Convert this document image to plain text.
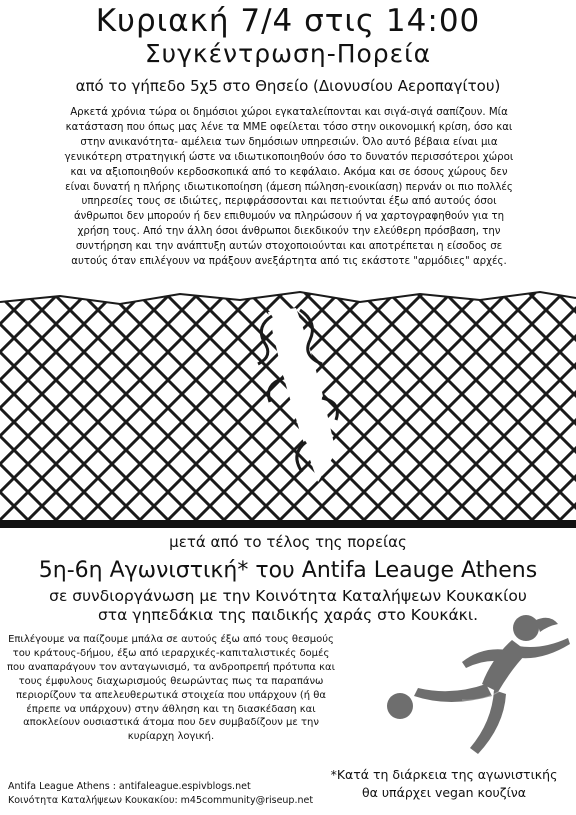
Κυριακή 7/4 στις 14:00
Συγκέντρωση-Πορεία
από το γήπεδο 5χ5 στο Θησείο (Διονυσίου Αεροπαγίτου)
Αρκετά χρόνια τώρα οι δημόσιοι χώροι εγκαταλείπονται και σιγά-σιγά σαπίζουν. Μία κατάσταση που όπως μας λένε τα ΜΜΕ οφείλεται τόσο στην οικονομική κρίση, όσο και στην ανικανότητα- αμέλεια των δημόσιων υπηρεσιών. Όλο αυτό βέβαια είναι μια γενικότερη στρατηγική ώστε να ιδιωτικοποιηθούν όσο το δυνατόν περισσότεροι χώροι και να αξιοποιηθούν κερδοσκοπικά από το κεφάλαιο. Ακόμα και σε όσους χώρους δεν είναι δυνατή η πλήρης ιδιωτικοποίηση (άμεση πώληση-ενοικίαση) περνάν οι πιο πολλές υπηρεσίες τους σε ιδιώτες, περιφράσσονται και πετιούνται έξω από αυτούς όσοι άνθρωποι δεν μπορούν ή δεν επιθυμούν να πληρώσουν ή να χαρτογραφηθούν για τη χρήση τους. Από την άλλη όσοι άνθρωποι διεκδικούν την ελεύθερη πρόσβαση, την συντήρηση και την ανάπτυξη αυτών στοχοποιούνται και αποτρέπεται η είσοδος σε αυτούς όταν επιλέγουν να πράξουν ανεξάρτητα από τις εκάστοτε "αρμόδιες" αρχές.
μετά από το τέλος της πορείας
5η-6η Αγωνιστική* του Antifa Leauge Athens
σε συνδιοργάνωση με την Κοινότητα Καταλήψεων Κουκακίου
στα γηπεδάκια της παιδικής χαράς στο Κουκάκι.
Επιλέγουμε να παίζουμε μπάλα σε αυτούς έξω από τους θεσμούς του κράτους-δήμου, έξω από ιεραρχικές-καπιταλιστικές δομές που αναπαράγουν τον ανταγωνισμό, τα ανδροπρεπή πρότυπα και τους έμφυλους διαχωρισμούς θεωρώντας πως τα παραπάνω περιορίζουν τα απελευθερωτικά στοιχεία που υπάρχουν (ή θα έπρεπε να υπάρχουν) στην άθληση και τη διασκέδαση και αποκλείουν ουσιαστικά άτομα που δεν συμβαδίζουν με την κυρίαρχη λογική.
*Κατά τη διάρκεια της αγωνιστικής
θα υπάρχει vegan κουζίνα
Antifa League Athens : antifaleague.espivblogs.net
Κοινότητα Καταλήψεων Κουκακίου: m45community@riseup.net
